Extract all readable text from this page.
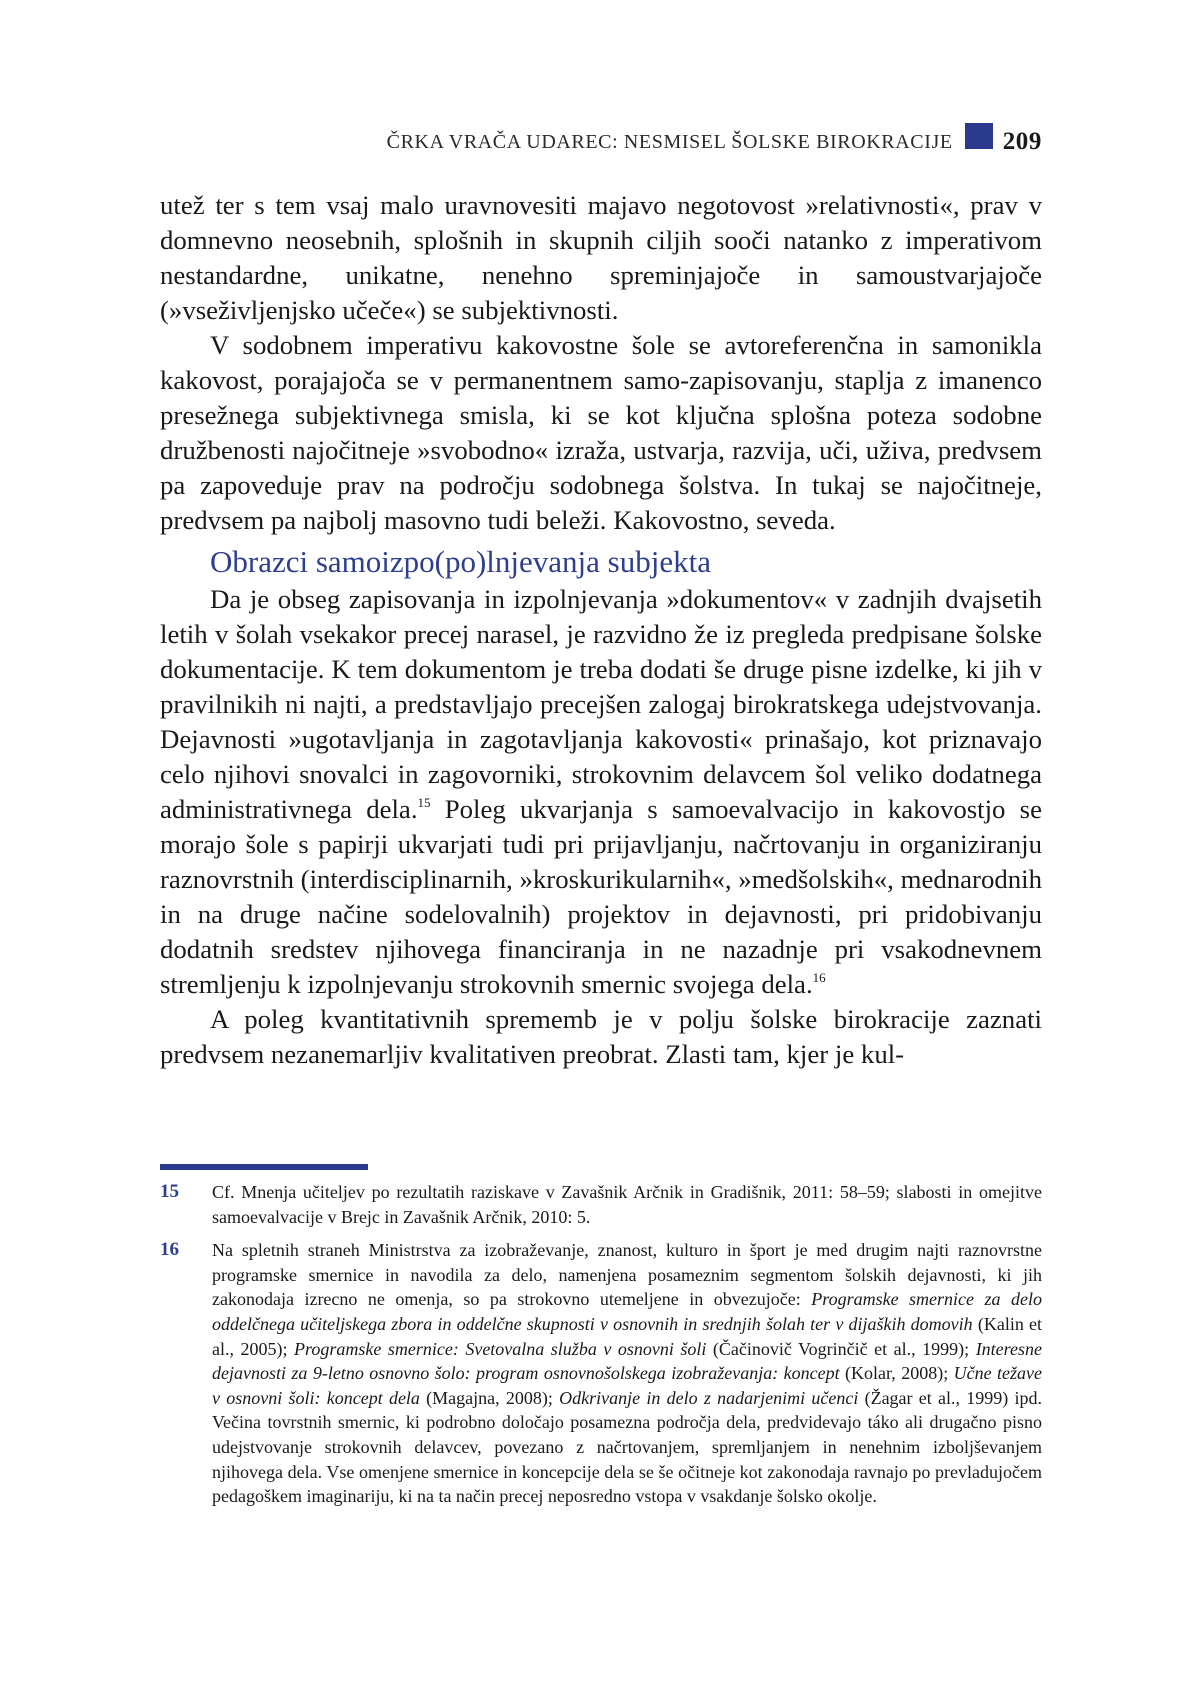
ČRKA VRAČA UDAREC: NESMISEL ŠOLSKE BIROKRACIJE 209

utež ter s tem vsaj malo uravnovesiti majavo negotovost »relativnosti«, prav v domnevno neosebnih, splošnih in skupnih ciljih sooči natanko z imperativom nestandardne, unikatne, nenehno spreminjajoče in samoustvarjajoče (»vseživljenjsko učeče«) se subjektivnosti.

V sodobnem imperativu kakovostne šole se avtoreferenčna in samonikla kakovost, porajajoča se v permanentnem samo-zapisovanju, staplja z imanenco presežnega subjektivnega smisla, ki se kot ključna splošna poteza sodobne družbenosti najočitneje »svobodno« izraža, ustvarja, razvija, uči, uživa, predvsem pa zapoveduje prav na področju sodobnega šolstva. In tukaj se najočitneje, predvsem pa najbolj masovno tudi beleži. Kakovostno, seveda.

Obrazci samoizpo(po)lnjevanja subjekta

Da je obseg zapisovanja in izpolnjevanja »dokumentov« v zadnjih dvajsetih letih v šolah vsekakor precej narasel, je razvidno že iz pregleda predpisane šolske dokumentacije. K tem dokumentom je treba dodati še druge pisne izdelke, ki jih v pravilnikih ni najti, a predstavljajo precejšen zalogaj birokratskega udejstvovanja. Dejavnosti »ugotavljanja in zagotavljanja kakovosti« prinašajo, kot priznavajo celo njihovi snovalci in zagovorniki, strokovnim delavcem šol veliko dodatnega administrativnega dela.$^{15}$ Poleg ukvarjanja s samoevalvacijo in kakovostjo se morajo šole s papirji ukvarjati tudi pri prijavljanju, načrtovanju in organiziranju raznovrstnih (interdisciplinarnih, »kroskurikularnih«, »medšolskih«, mednarodnih in na druge načine sodelovalnih) projektov in dejavnosti, pri pridobivanju dodatnih sredstev njihovega financiranja in ne nazadnje pri vsakodnevnem stremljenju k izpolnjevanju strokovnih smernic svojega dela.$^{16}$

A poleg kvantitativnih sprememb je v polju šolske birokracije zaznati predvsem nezanemarljiv kvalitativen preobrat. Zlasti tam, kjer je kul-

15	Cf. Mnenja učiteljev po rezultatih raziskave v Zavašnik Arčnik in Gradišnik, 2011: 58–59; slabosti in omejitve samoevalvacije v Brejc in Zavašnik Arčnik, 2010: 5.
16	Na spletnih straneh Ministrstva za izobraževanje, znanost, kulturo in šport je med drugim najti raznovrstne programske smernice in navodila za delo, namenjena posameznim segmentom šolskih dejavnosti, ki jih zakonodaja izrecno ne omenja, so pa strokovno utemeljene in obvezujoče: Programske smernice za delo oddelčnega učiteljskega zbora in oddelčne skupnosti v osnovnih in srednjih šolah ter v dijaških domovih (Kalin et al., 2005); Programske smernice: Svetovalna služba v osnovni šoli (Čačinovič Vogrinčič et al., 1999); Interesne dejavnosti za 9-letno osnovno šolo: program osnovnošolskega izobraževanja: koncept (Kolar, 2008); Učne težave v osnovni šoli: koncept dela (Magajna, 2008); Odkrivanje in delo z nadarjenimi učenci (Žagar et al., 1999) ipd. Večina tovrstnih smernic, ki podrobno določajo posamezna področja dela, predvidevajo táko ali drugačno pisno udejstvovanje strokovnih delavcev, povezano z načrtovanjem, spremljanjem in nenehnim izboljševanjem njihovega dela. Vse omenjene smernice in koncepcije dela se še očitneje kot zakonodaja ravnajo po prevladujočem pedagoškem imaginariju, ki na ta način precej neposredno vstopa v vsakdanje šolsko okolje.
